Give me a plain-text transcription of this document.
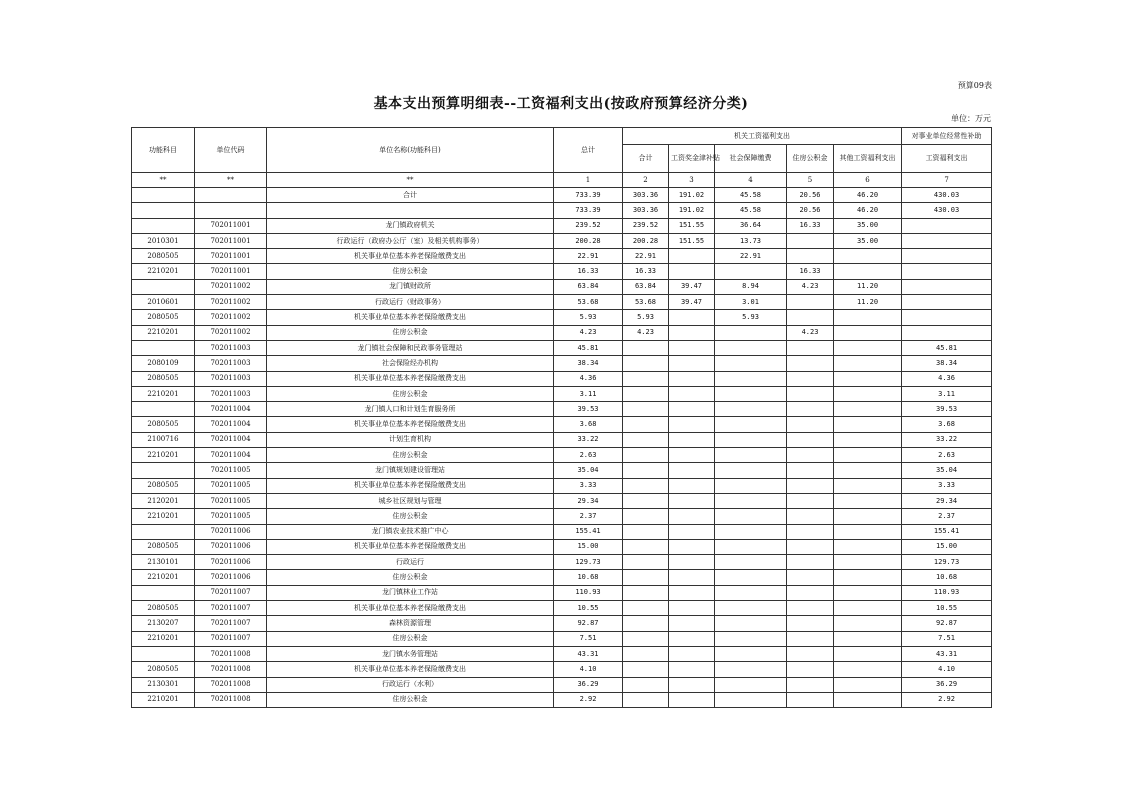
预算09表
基本支出预算明细表--工资福利支出(按政府预算经济分类)
单位：万元
功能科目	单位代码	单位名称(功能科目)	总计	机关工资福利支出					对事业单位经常性补助
				合计	工资奖金津补贴	社会保障缴费	住房公积金	其他工资福利支出	工资福利支出
**	**	**	1	2	3	4	5	6	7
		合计	733.39	303.36	191.02	45.58	20.56	46.20	430.03
			733.39	303.36	191.02	45.58	20.56	46.20	430.03
	702011001	龙门镇政府机关	239.52	239.52	151.55	36.64	16.33	35.00	
2010301	702011001	行政运行（政府办公厅（室）及相关机构事务）	200.28	200.28	151.55	13.73		35.00	
2080505	702011001	机关事业单位基本养老保险缴费支出	22.91	22.91		22.91			
2210201	702011001	住房公积金	16.33	16.33			16.33		
	702011002	龙门镇财政所	63.84	63.84	39.47	8.94	4.23	11.20	
2010601	702011002	行政运行（财政事务）	53.68	53.68	39.47	3.01		11.20	
2080505	702011002	机关事业单位基本养老保险缴费支出	5.93	5.93		5.93			
2210201	702011002	住房公积金	4.23	4.23			4.23		
	702011003	龙门镇社会保障和民政事务管理站	45.81						45.81
2080109	702011003	社会保险经办机构	38.34						38.34
2080505	702011003	机关事业单位基本养老保险缴费支出	4.36						4.36
2210201	702011003	住房公积金	3.11						3.11
	702011004	龙门镇人口和计划生育服务所	39.53						39.53
2080505	702011004	机关事业单位基本养老保险缴费支出	3.68						3.68
2100716	702011004	计划生育机构	33.22						33.22
2210201	702011004	住房公积金	2.63						2.63
	702011005	龙门镇规划建设管理站	35.04						35.04
2080505	702011005	机关事业单位基本养老保险缴费支出	3.33						3.33
2120201	702011005	城乡社区规划与管理	29.34						29.34
2210201	702011005	住房公积金	2.37						2.37
	702011006	龙门镇农业技术推广中心	155.41						155.41
2080505	702011006	机关事业单位基本养老保险缴费支出	15.00						15.00
2130101	702011006	行政运行	129.73						129.73
2210201	702011006	住房公积金	10.68						10.68
	702011007	龙门镇林业工作站	110.93						110.93
2080505	702011007	机关事业单位基本养老保险缴费支出	10.55						10.55
2130207	702011007	森林资源管理	92.87						92.87
2210201	702011007	住房公积金	7.51						7.51
	702011008	龙门镇水务管理站	43.31						43.31
2080505	702011008	机关事业单位基本养老保险缴费支出	4.10						4.10
2130301	702011008	行政运行（水利）	36.29						36.29
2210201	702011008	住房公积金	2.92						2.92
